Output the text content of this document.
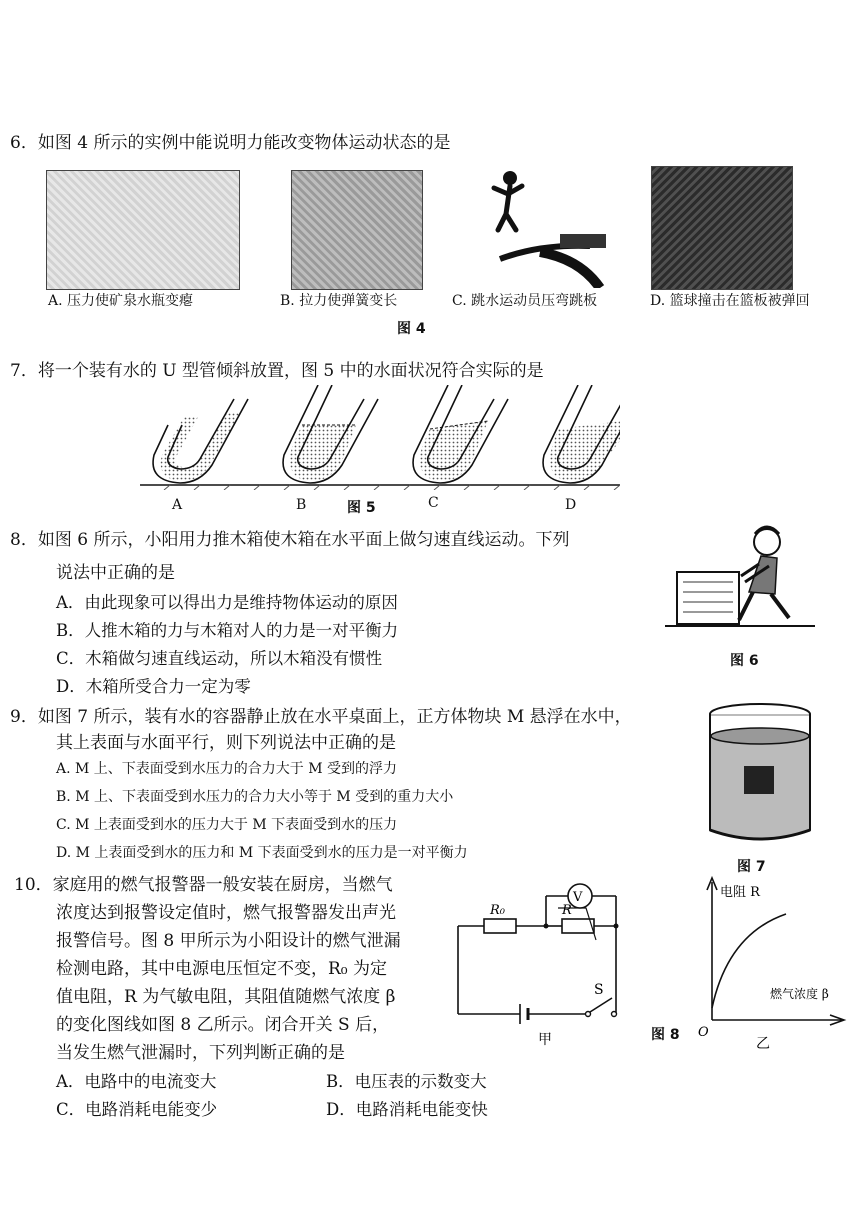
6．如图 4 所示的实例中能说明力能改变物体运动状态的是
A. 压力使矿泉水瓶变瘪	B. 拉力使弹簧变长	C. 跳水运动员压弯跳板	D. 篮球撞击在篮板被弹回
图 4
7．将一个装有水的 U 型管倾斜放置，图 5 中的水面状况符合实际的是
A	B	图 5	C	D
8．如图 6 所示，小阳用力推木箱使木箱在水平面上做匀速直线运动。下列
说法中正确的是
A．由此现象可以得出力是维持物体运动的原因
B．人推木箱的力与木箱对人的力是一对平衡力
C．木箱做匀速直线运动，所以木箱没有惯性
D．木箱所受合力一定为零
图 6
9．如图 7 所示，装有水的容器静止放在水平桌面上，正方体物块 M 悬浮在水中，
其上表面与水面平行，则下列说法中正确的是
A. M 上、下表面受到水压力的合力大于 M 受到的浮力
B. M 上、下表面受到水压力的合力大小等于 M 受到的重力大小
C. M 上表面受到水的压力大于 M 下表面受到水的压力
D. M 上表面受到水的压力和 M 下表面受到水的压力是一对平衡力
图 7
10．家庭用的燃气报警器一般安装在厨房，当燃气
浓度达到报警设定值时，燃气报警器发出声光
报警信号。图 8 甲所示为小阳设计的燃气泄漏
检测电路，其中电源电压恒定不变，R₀ 为定
值电阻，R 为气敏电阻，其阻值随燃气浓度 β
的变化图线如图 8 乙所示。闭合开关 S 后，
当发生燃气泄漏时，下列判断正确的是
A．电路中的电流变大	B．电压表的示数变大
C．电路消耗电能变少	D．电路消耗电能变快
V
R₀	R
S
甲	图 8
电阻 R
燃气浓度 β
O
乙
